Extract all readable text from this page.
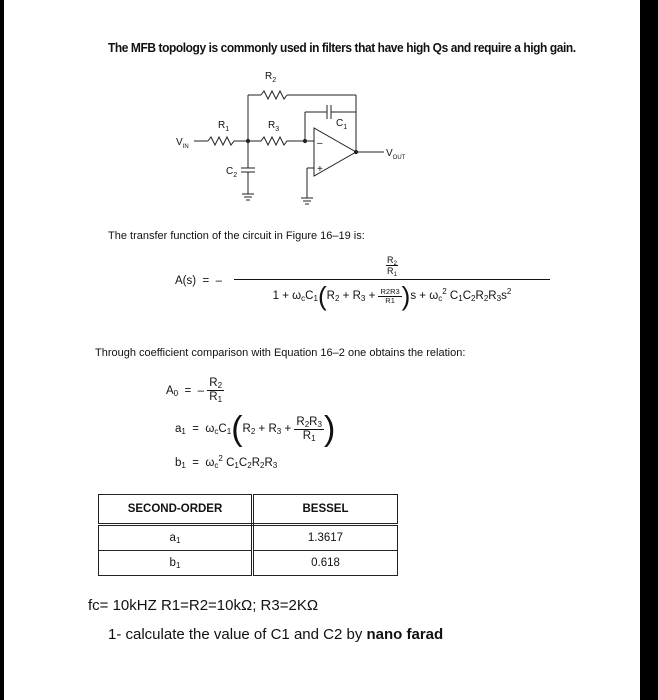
The MFB topology is commonly used in filters that have high Qs and require a high gain.
$R_2$
$R_1$	$R_3$
$C_1$
$C_2$
$V_{IN}$
$V_{OUT}$
–
+
The transfer function of the circuit in Figure 16–19 is:
A(s) = –
$R_2$
$R_1$
$1 + \omega_cC_1(R_2 + R_3 + \frac{R2R3}{R1} )s + \omega_c^2$ $C_1C_2R_2R_3s^2$
Through coefficient comparison with Equation 16–2 one obtains the relation:
$A_0$ = – $\frac{R_2}{R_1}$
$a_1 = \omega_cC_1(R_2 + R_3 + \frac{R_2R_3}{R_1}$ )
$b_1 = \omega_c^2$ $C_1C_2R_2R_3$
SECOND-ORDER	BESSEL
$a_1$	1.3617
$b_1$	0.618
fc= 10kHZ R1=R2=10kΩ; R3=2KΩ
1- calculate the value of C1 and C2 by nano farad
